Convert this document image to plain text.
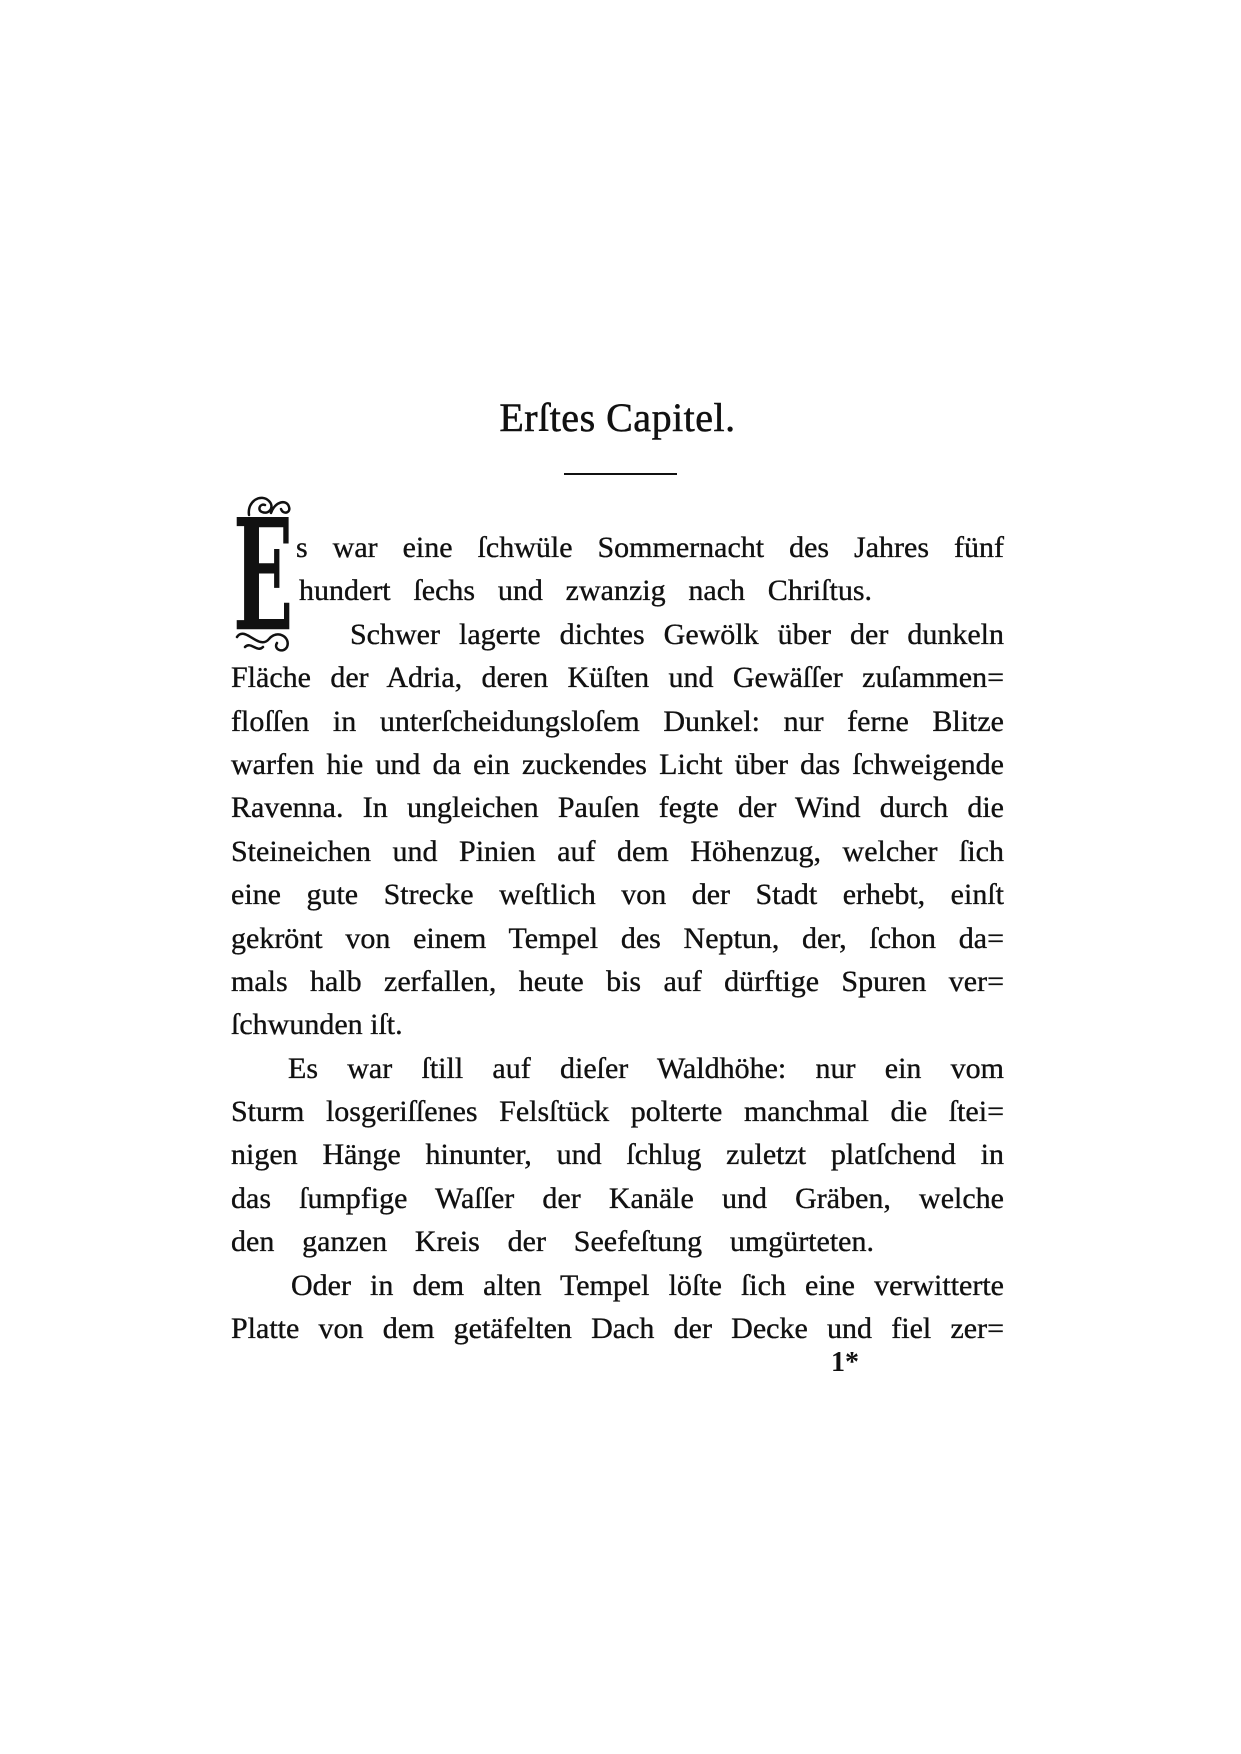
Erſtes Capitel.
E s war eine ſchwüle Sommernacht des Jahres fünf
hundert ſechs und zwanzig nach Chriſtus.
Schwer lagerte dichtes Gewölk über der dunkeln
Fläche der Adria, deren Küſten und Gewäſſer zuſammen=
floſſen in unterſcheidungsloſem Dunkel: nur ferne Blitze
warfen hie und da ein zuckendes Licht über das ſchweigende
Ravenna. In ungleichen Pauſen fegte der Wind durch die
Steineichen und Pinien auf dem Höhenzug, welcher ſich
eine gute Strecke weſtlich von der Stadt erhebt, einſt
gekrönt von einem Tempel des Neptun, der, ſchon da=
mals halb zerfallen, heute bis auf dürftige Spuren ver=
ſchwunden iſt.
Es war ſtill auf dieſer Waldhöhe: nur ein vom
Sturm losgeriſſenes Felsſtück polterte manchmal die ſtei=
nigen Hänge hinunter, und ſchlug zuletzt platſchend in
das ſumpfige Waſſer der Kanäle und Gräben, welche
den ganzen Kreis der Seefeſtung umgürteten.
Oder in dem alten Tempel löſte ſich eine verwitterte
Platte von dem getäfelten Dach der Decke und fiel zer=
1*
